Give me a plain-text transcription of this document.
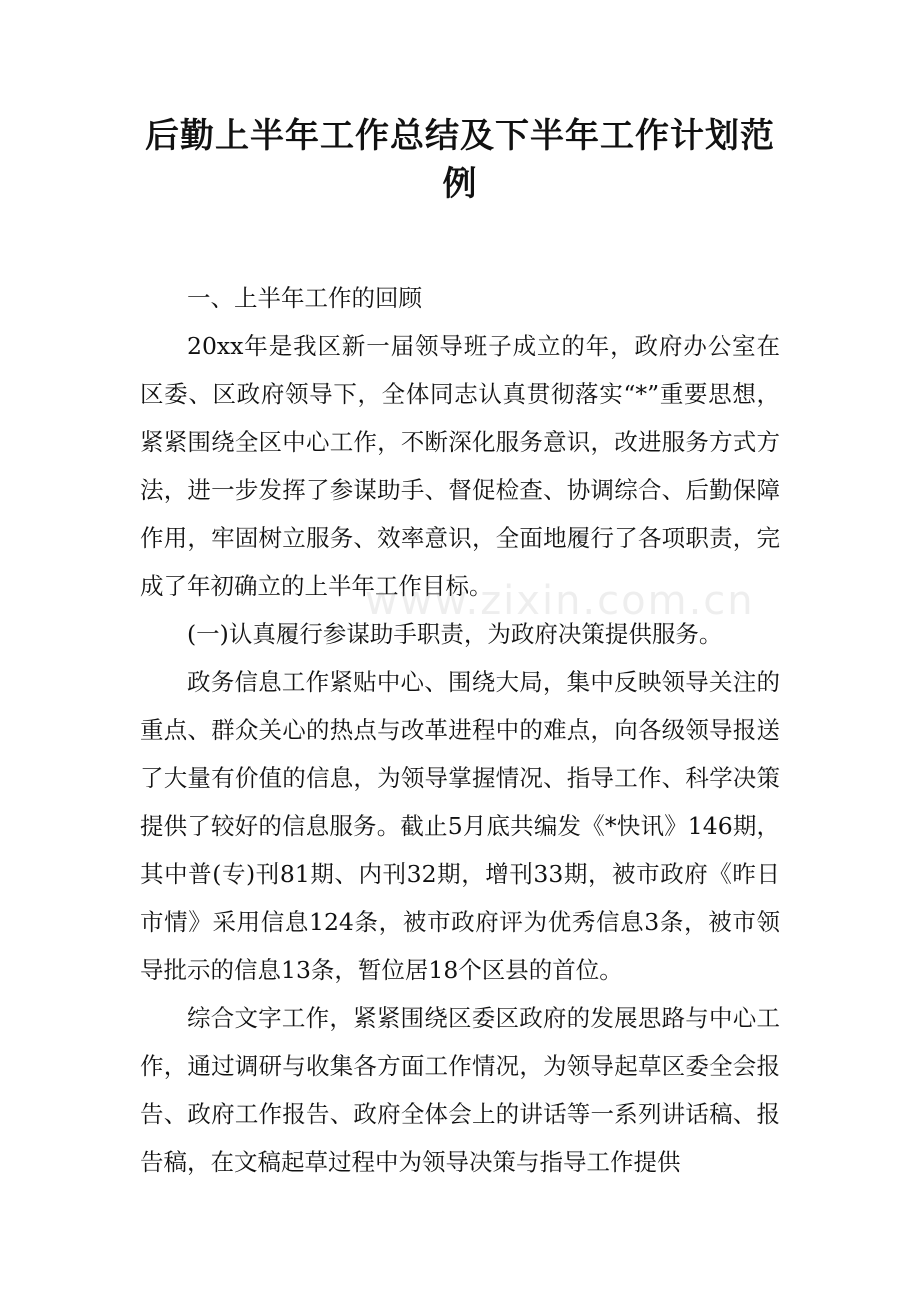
后勤上半年工作总结及下半年工作计划范例

一、上半年工作的回顾

20xx年是我区新一届领导班子成立的年，政府办公室在区委、区政府领导下，全体同志认真贯彻落实“*”重要思想，紧紧围绕全区中心工作，不断深化服务意识，改进服务方式方法，进一步发挥了参谋助手、督促检查、协调综合、后勤保障作用，牢固树立服务、效率意识，全面地履行了各项职责，完成了年初确立的上半年工作目标。

(一)认真履行参谋助手职责，为政府决策提供服务。

政务信息工作紧贴中心、围绕大局，集中反映领导关注的重点、群众关心的热点与改革进程中的难点，向各级领导报送了大量有价值的信息，为领导掌握情况、指导工作、科学决策提供了较好的信息服务。截止5月底共编发《*快讯》146期，其中普(专)刊81期、内刊32期，增刊33期，被市政府《昨日市情》采用信息124条，被市政府评为优秀信息3条，被市领导批示的信息13条，暂位居18个区县的首位。

综合文字工作，紧紧围绕区委区政府的发展思路与中心工作，通过调研与收集各方面工作情况，为领导起草区委全会报告、政府工作报告、政府全体会上的讲话等一系列讲话稿、报告稿，在文稿起草过程中为领导决策与指导工作提供

www.zixin.com.cn
